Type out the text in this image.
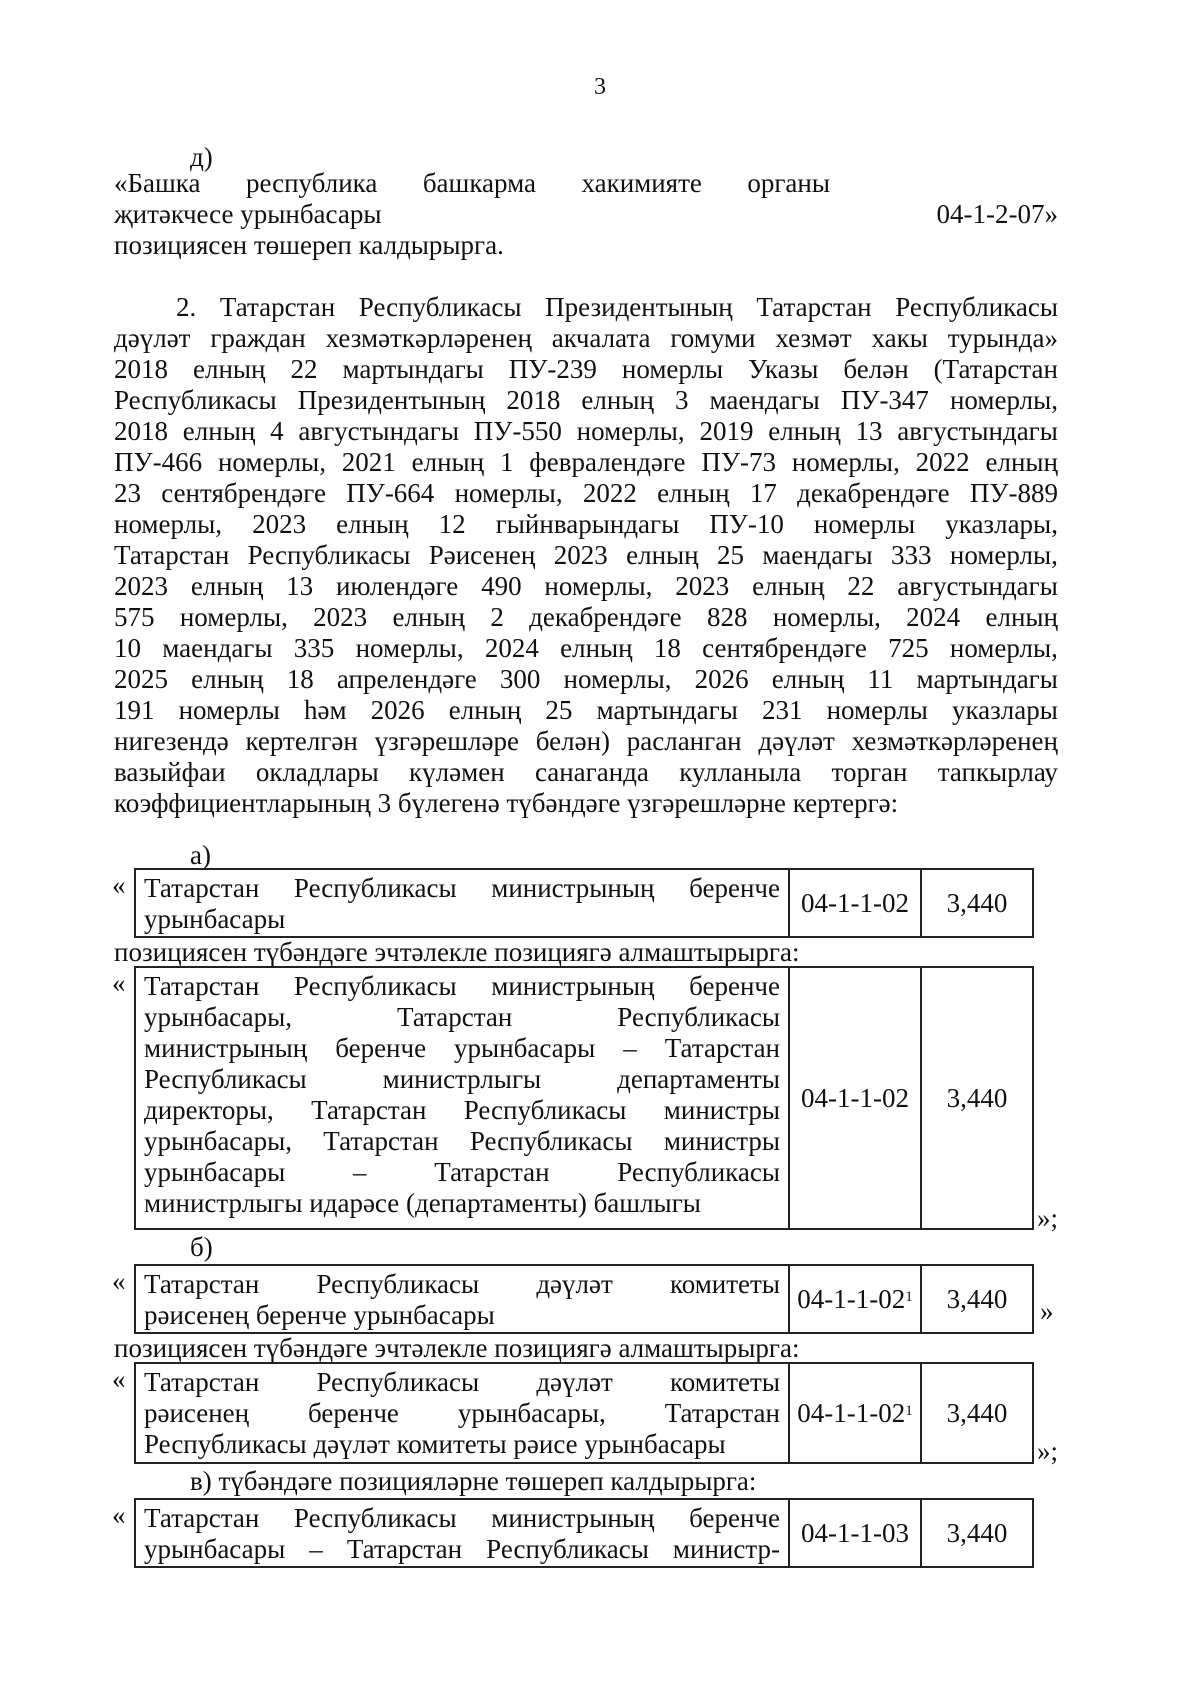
3
д)
«Башка республика башкарма хакимияте органы
җитәкчесе урынбасары	04-1-2-07»
позициясен төшереп калдырырга.
2. Татарстан Республикасы Президентының Татарстан Республикасы
дәүләт граждан хезмәткәрләренең акчалата гомуми хезмәт хакы турында»
2018 елның 22 мартындагы ПУ-239 номерлы Указы белән (Татарстан
Республикасы Президентының 2018 елның 3 маендагы ПУ-347 номерлы,
2018 елның 4 августындагы ПУ-550 номерлы, 2019 елның 13 августындагы
ПУ-466 номерлы, 2021 елның 1 февралендәге ПУ-73 номерлы, 2022 елның
23 сентябрендәге ПУ-664 номерлы, 2022 елның 17 декабрендәге ПУ-889
номерлы, 2023 елның 12 гыйнварындагы ПУ-10 номерлы указлары,
Татарстан Республикасы Рәисенең 2023 елның 25 маендагы 333 номерлы,
2023 елның 13 июлендәге 490 номерлы, 2023 елның 22 августындагы
575 номерлы, 2023 елның 2 декабрендәге 828 номерлы, 2024 елның
10 маендагы 335 номерлы, 2024 елның 18 сентябрендәге 725 номерлы,
2025 елның 18 апрелендәге 300 номерлы, 2026 елның 11 мартындагы
191 номерлы һәм 2026 елның 25 мартындагы 231 номерлы указлары
нигезендә кертелгән үзгәрешләре белән) расланган дәүләт хезмәткәрләренең
вазыйфаи окладлары күләмен санаганда кулланыла торган тапкырлау
коэффициентларының 3 бүлегенә түбәндәге үзгәрешләрне кертергә:
а)
« Татарстан Республикасы министрының беренче
урынбасары
04-1-1-02	3,440
позициясен түбәндәге эчтәлекле позициягә алмаштырырга:
« Татарстан Республикасы министрының беренче
урынбасары,	Татарстан	Республикасы
министрының беренче урынбасары – Татарстан
Республикасы	министрлыгы	департаменты
директоры, Татарстан Республикасы министры
урынбасары, Татарстан Республикасы министры
урынбасары	–	Татарстан	Республикасы
министрлыгы идарәсе (департаменты) башлыгы
04-1-1-02	3,440
»;
б)
« Татарстан Республикасы дәүләт комитеты
рәисенең беренче урынбасары
$04-1-1-02^1$	3,440	»
позициясен түбәндәге эчтәлекле позициягә алмаштырырга:
« Татарстан Республикасы дәүләт комитеты
рәисенең беренче урынбасары, Татарстан
Республикасы дәүләт комитеты рәисе урынбасары
$04-1-1-02^1$	3,440
»;
в) түбәндәге позицияләрне төшереп калдырырга:
« Татарстан Республикасы министрының беренче
урынбасары – Татарстан Республикасы министр-
04-1-1-03	3,440
